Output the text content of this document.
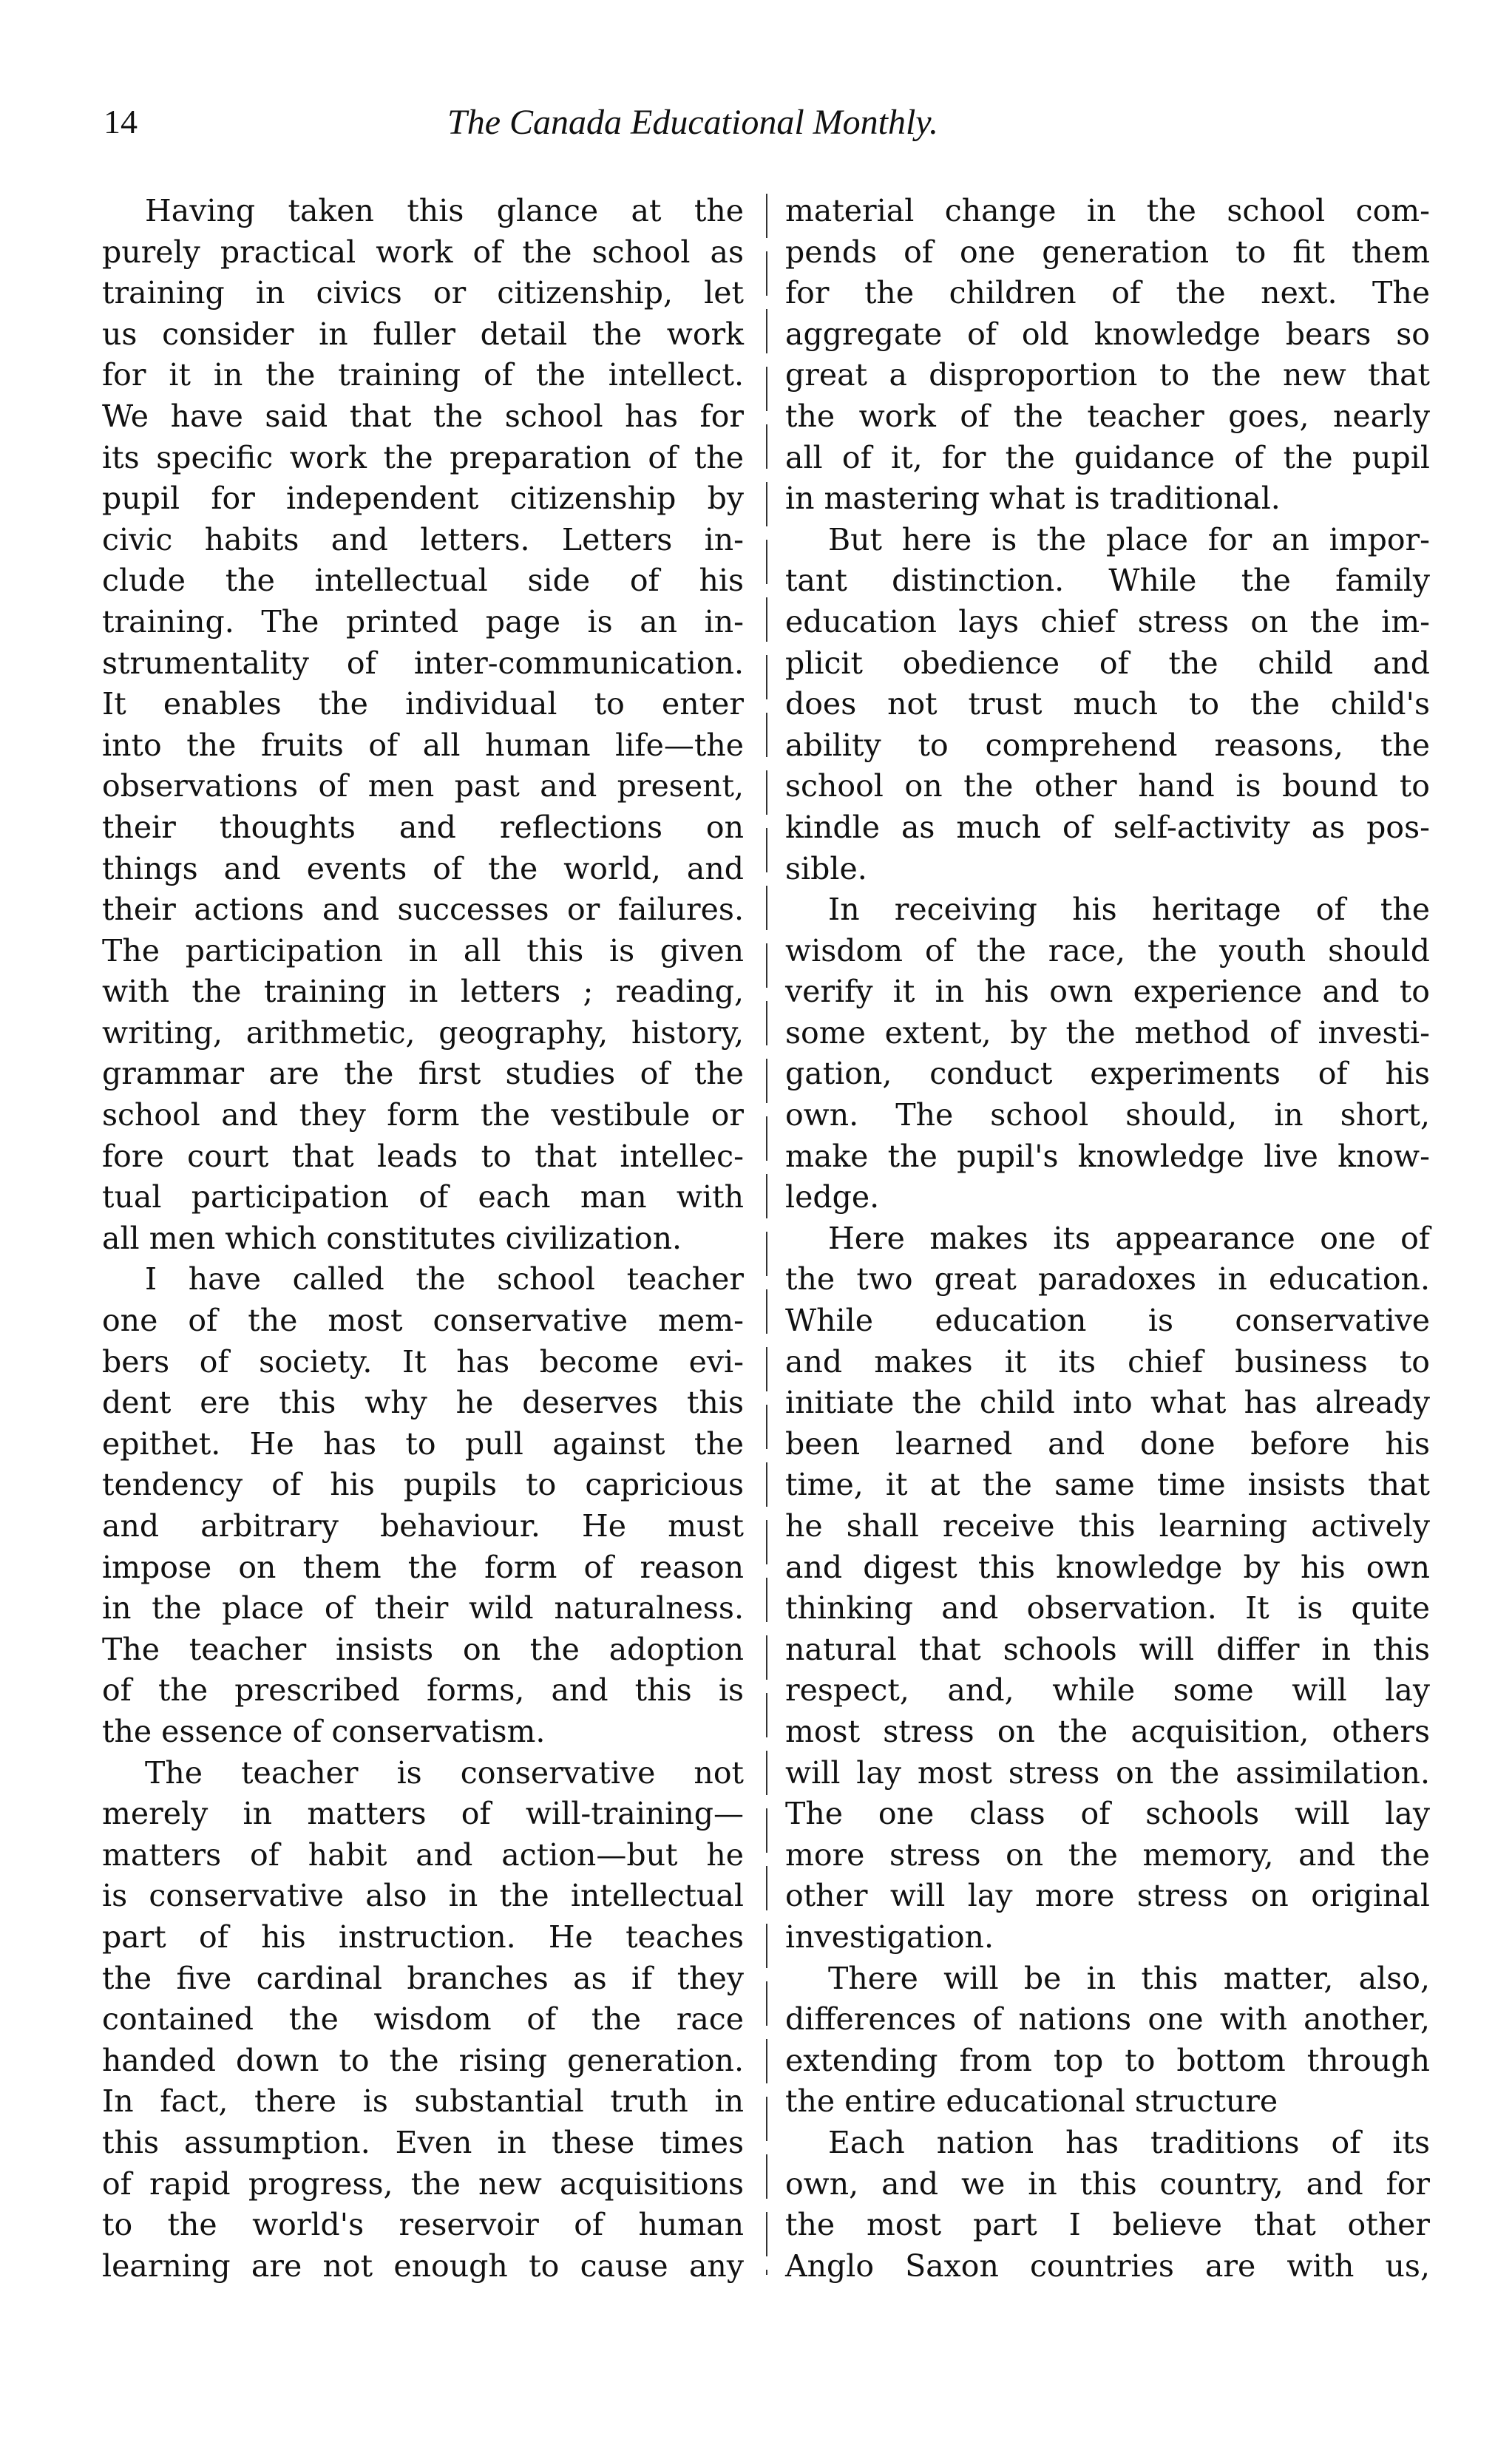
14	The Canada Educational Monthly.
Having taken this glance at the
purely practical work of the school as
training in civics or citizenship, let
us consider in fuller detail the work
for it in the training of the intellect.
We have said that the school has for
its specific work the preparation of the
pupil for independent citizenship by
civic habits and letters. Letters in-
clude the intellectual side of his
training. The printed page is an in-
strumentality of inter-communication.
It enables the individual to enter
into the fruits of all human life—the
observations of men past and present,
their thoughts and reflections on
things and events of the world, and
their actions and successes or failures.
The participation in all this is given
with the training in letters ; reading,
writing, arithmetic, geography, history,
grammar are the first studies of the
school and they form the vestibule or
fore court that leads to that intellec-
tual participation of each man with
all men which constitutes civilization.
I have called the school teacher
one of the most conservative mem-
bers of society. It has become evi-
dent ere this why he deserves this
epithet. He has to pull against the
tendency of his pupils to capricious
and arbitrary behaviour. He must
impose on them the form of reason
in the place of their wild naturalness.
The teacher insists on the adoption
of the prescribed forms, and this is
the essence of conservatism.
The teacher is conservative not
merely in matters of will-training—
matters of habit and action—but he
is conservative also in the intellectual
part of his instruction. He teaches
the five cardinal branches as if they
contained the wisdom of the race
handed down to the rising generation.
In fact, there is substantial truth in
this assumption. Even in these times
of rapid progress, the new acquisitions
to the world's reservoir of human
learning are not enough to cause any
material change in the school com-
pends of one generation to fit them
for the children of the next. The
aggregate of old knowledge bears so
great a disproportion to the new that
the work of the teacher goes, nearly
all of it, for the guidance of the pupil
in mastering what is traditional.
But here is the place for an impor-
tant distinction. While the family
education lays chief stress on the im-
plicit obedience of the child and
does not trust much to the child's
ability to comprehend reasons, the
school on the other hand is bound to
kindle as much of self-activity as pos-
sible.
In receiving his heritage of the
wisdom of the race, the youth should
verify it in his own experience and to
some extent, by the method of investi-
gation, conduct experiments of his
own. The school should, in short,
make the pupil's knowledge live know-
ledge.
Here makes its appearance one of
the two great paradoxes in education.
While education is conservative
and makes it its chief business to
initiate the child into what has already
been learned and done before his
time, it at the same time insists that
he shall receive this learning actively
and digest this knowledge by his own
thinking and observation. It is quite
natural that schools will differ in this
respect, and, while some will lay
most stress on the acquisition, others
will lay most stress on the assimilation.
The one class of schools will lay
more stress on the memory, and the
other will lay more stress on original
investigation.
There will be in this matter, also,
differences of nations one with another,
extending from top to bottom through
the entire educational structure
Each nation has traditions of its
own, and we in this country, and for
the most part I believe that other
Anglo Saxon countries are with us,
